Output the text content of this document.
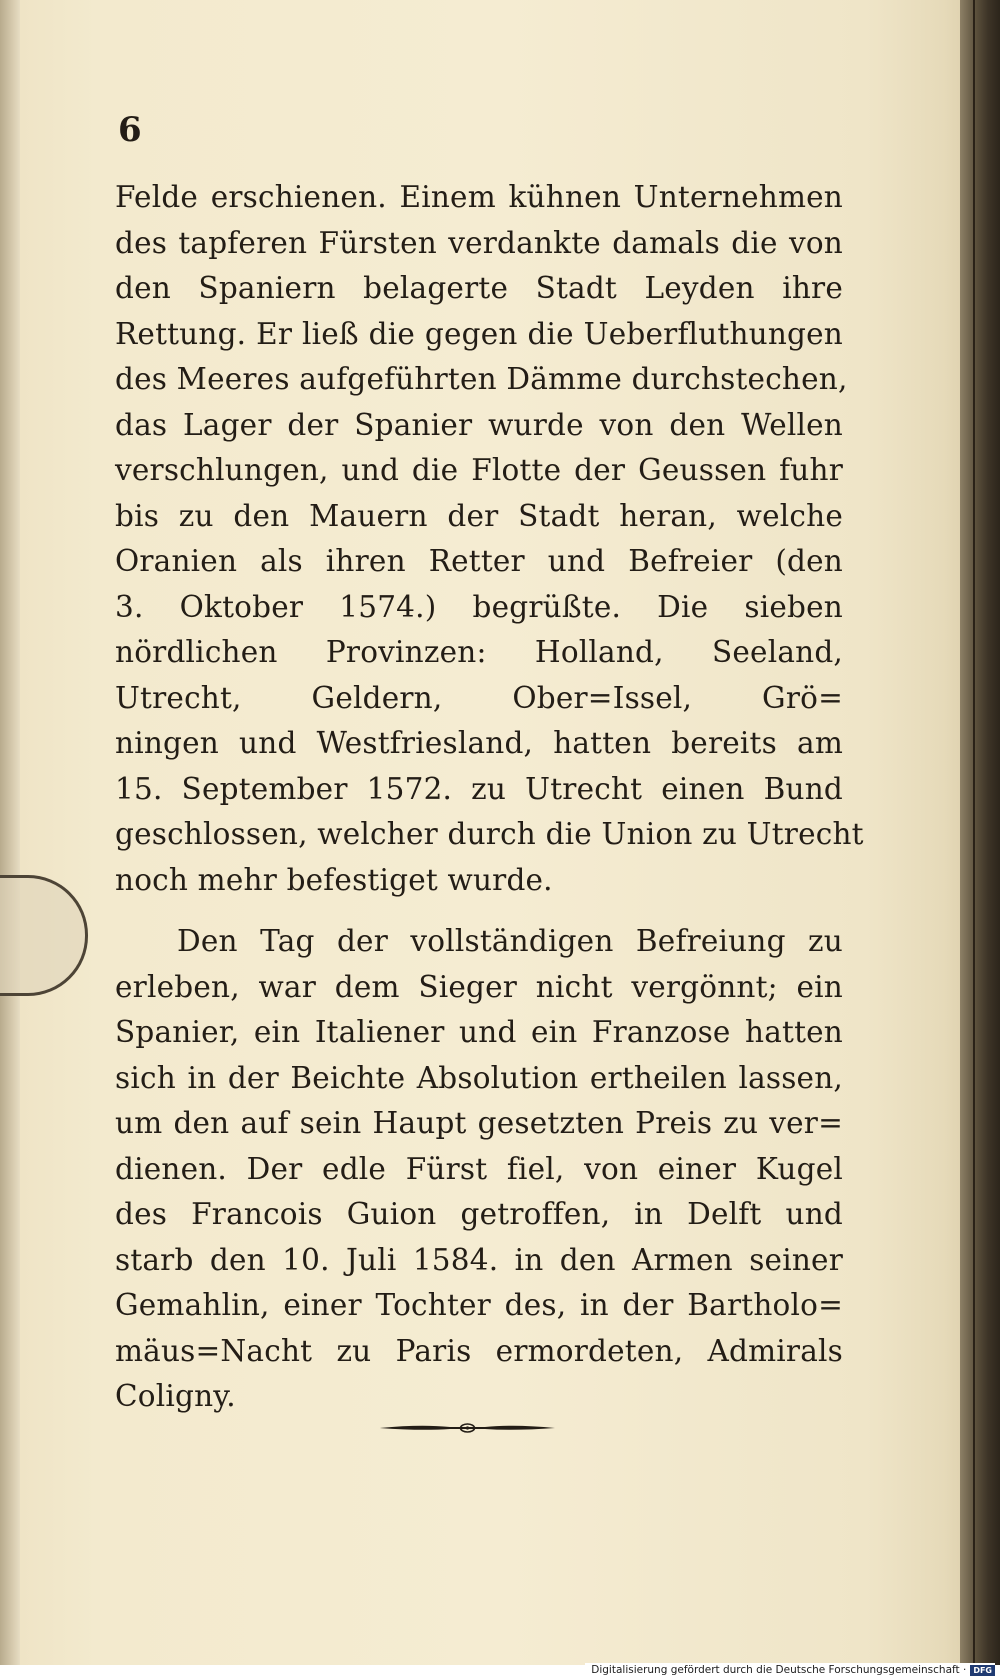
6
Felde erschienen. Einem kühnen Unternehmen
des tapferen Fürsten verdankte damals die von
den Spaniern belagerte Stadt Leyden ihre
Rettung. Er ließ die gegen die Ueberfluthungen
des Meeres aufgeführten Dämme durchstechen,
das Lager der Spanier wurde von den Wellen
verschlungen, und die Flotte der Geussen fuhr
bis zu den Mauern der Stadt heran, welche
Oranien als ihren Retter und Befreier (den
3. Oktober 1574.) begrüßte. Die sieben
nördlichen Provinzen: Holland, Seeland,
Utrecht, Geldern, Ober=Issel, Grö=
ningen und Westfriesland, hatten bereits am
15. September 1572. zu Utrecht einen Bund
geschlossen, welcher durch die Union zu Utrecht
noch mehr befestiget wurde.
Den Tag der vollständigen Befreiung zu
erleben, war dem Sieger nicht vergönnt; ein
Spanier, ein Italiener und ein Franzose hatten
sich in der Beichte Absolution ertheilen lassen,
um den auf sein Haupt gesetzten Preis zu ver=
dienen. Der edle Fürst fiel, von einer Kugel
des Francois Guion getroffen, in Delft und
starb den 10. Juli 1584. in den Armen seiner
Gemahlin, einer Tochter des, in der Bartholo=
mäus=Nacht zu Paris ermordeten, Admirals
Coligny.
Digitalisierung gefördert durch die Deutsche Forschungsgemeinschaft · DFG
